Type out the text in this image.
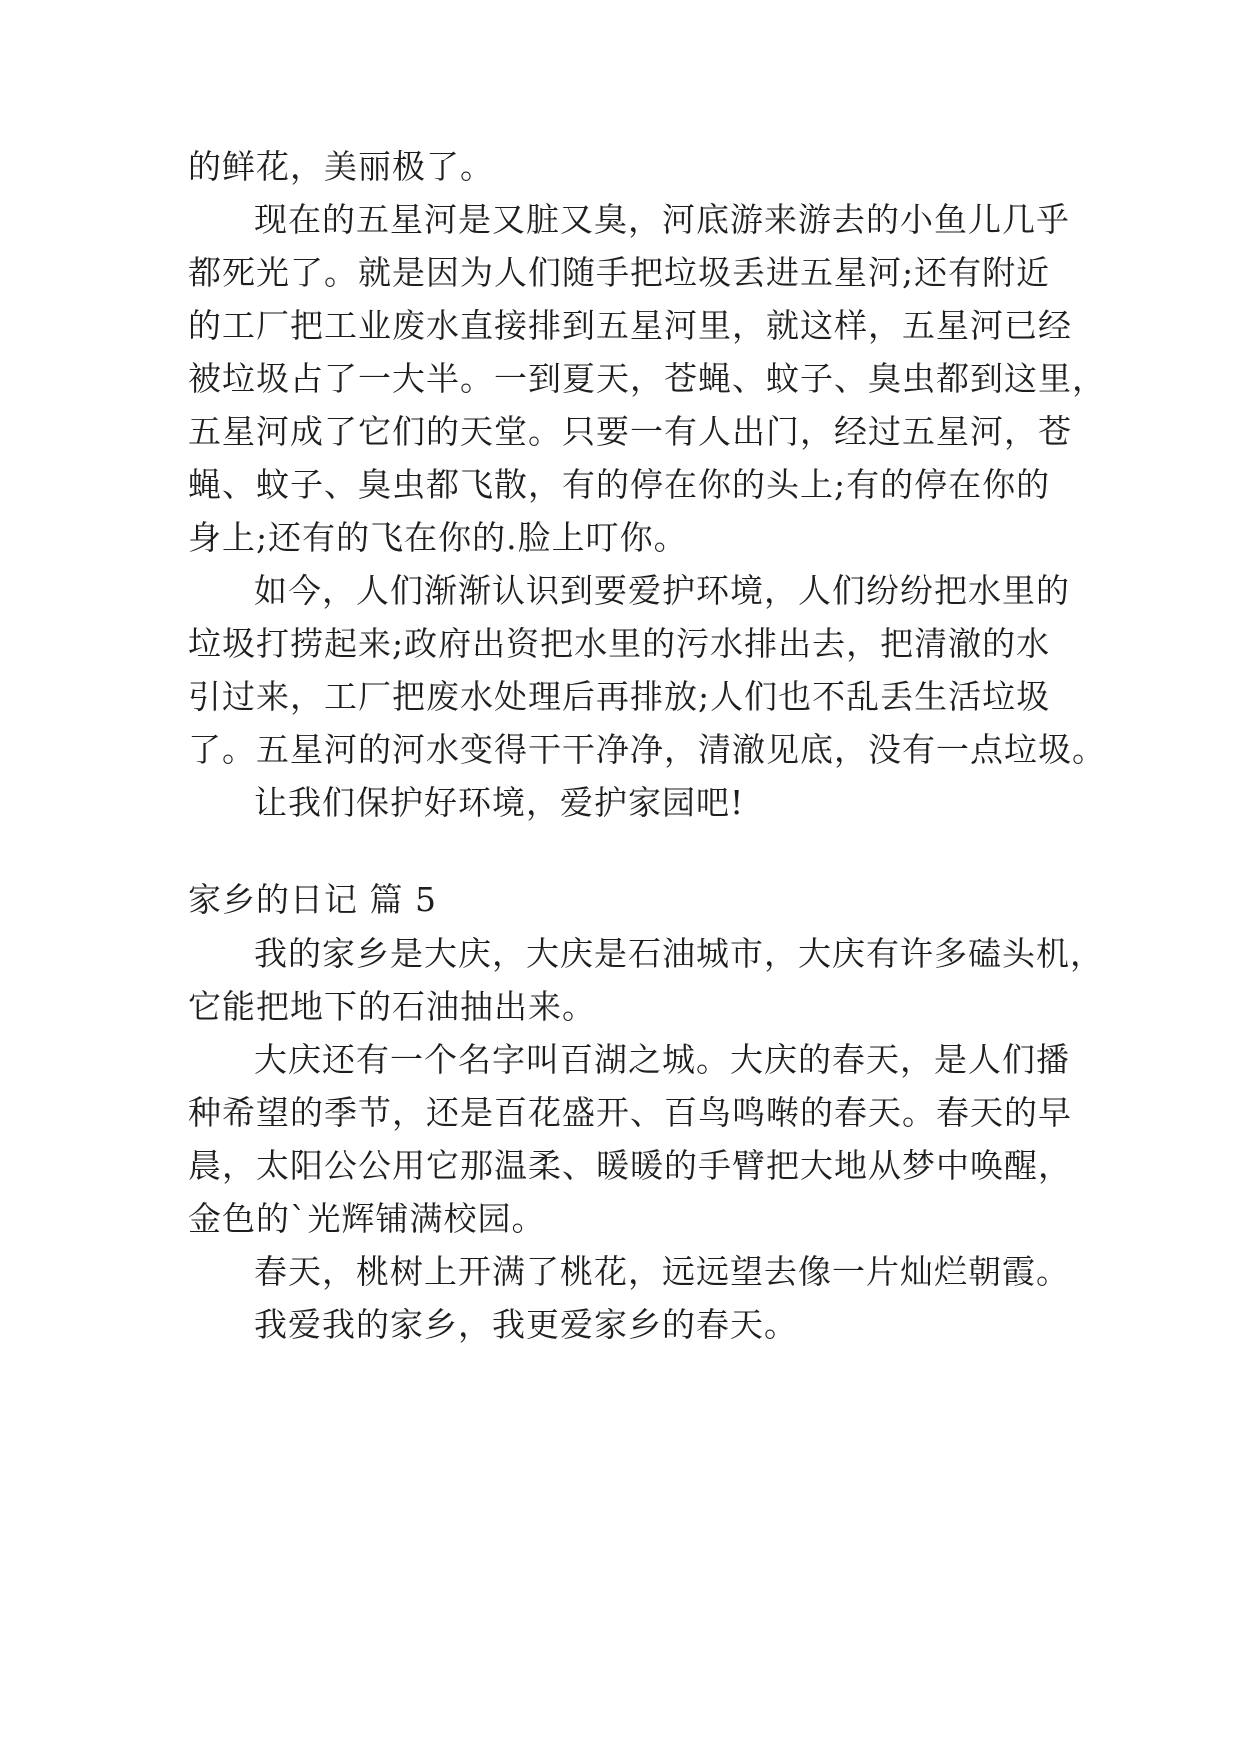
的鲜花，美丽极了。
现在的五星河是又脏又臭，河底游来游去的小鱼儿几乎
都死光了。就是因为人们随手把垃圾丢进五星河;还有附近
的工厂把工业废水直接排到五星河里，就这样，五星河已经
被垃圾占了一大半。一到夏天，苍蝇、蚊子、臭虫都到这里，
五星河成了它们的天堂。只要一有人出门，经过五星河，苍
蝇、蚊子、臭虫都飞散，有的停在你的头上;有的停在你的
身上;还有的飞在你的.脸上叮你。
如今，人们渐渐认识到要爱护环境，人们纷纷把水里的
垃圾打捞起来;政府出资把水里的污水排出去，把清澈的水
引过来，工厂把废水处理后再排放;人们也不乱丢生活垃圾
了。五星河的河水变得干干净净，清澈见底，没有一点垃圾。
让我们保护好环境，爱护家园吧!
家乡的日记 篇 5
我的家乡是大庆，大庆是石油城市，大庆有许多磕头机，
它能把地下的石油抽出来。
大庆还有一个名字叫百湖之城。大庆的春天，是人们播
种希望的季节，还是百花盛开、百鸟鸣啭的春天。春天的早
晨，太阳公公用它那温柔、暖暖的手臂把大地从梦中唤醒，
金色的`光辉铺满校园。
春天，桃树上开满了桃花，远远望去像一片灿烂朝霞。
我爱我的家乡，我更爱家乡的春天。
